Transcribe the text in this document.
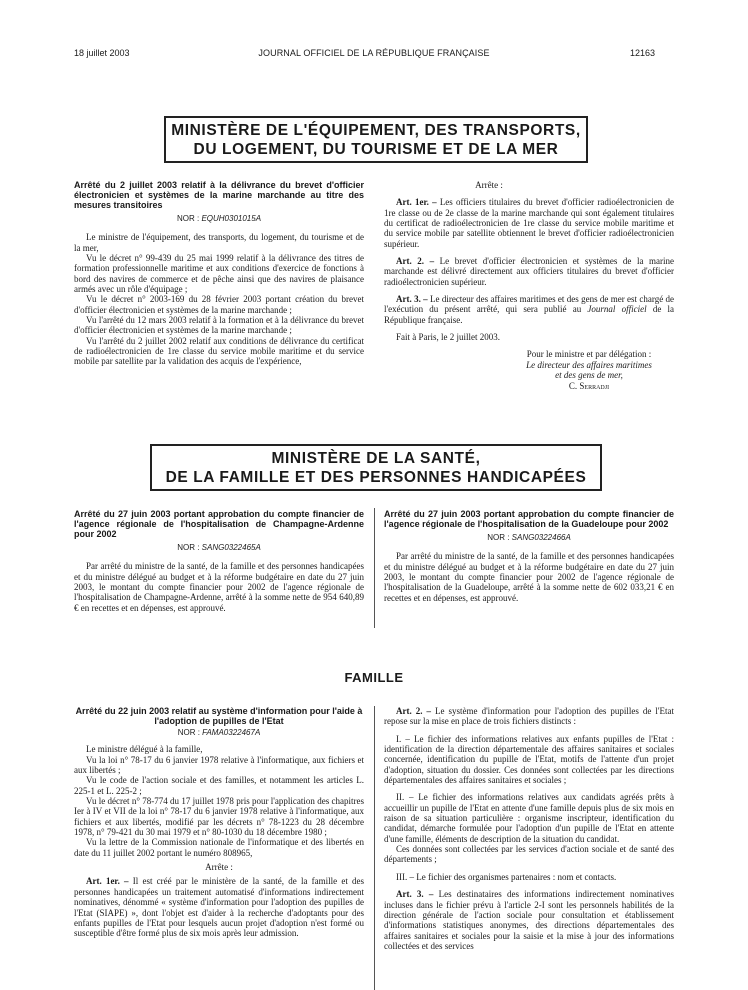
18 juillet 2003	JOURNAL OFFICIEL DE LA RÉPUBLIQUE FRANÇAISE	12163
MINISTÈRE DE L'ÉQUIPEMENT, DES TRANSPORTS,
DU LOGEMENT, DU TOURISME ET DE LA MER
Arrêté du 2 juillet 2003 relatif à la délivrance du brevet d'officier électronicien et systèmes de la marine marchande au titre des mesures transitoires
NOR : EQUH0301015A

Le ministre de l'équipement, des transports, du logement, du tourisme et de la mer,

Vu le décret n° 99-439 du 25 mai 1999 relatif à la délivrance des titres de formation professionnelle maritime et aux conditions d'exercice de fonctions à bord des navires de commerce et de pêche ainsi que des navires de plaisance armés avec un rôle d'équipage ;

Vu le décret n° 2003-169 du 28 février 2003 portant création du brevet d'officier électronicien et systèmes de la marine marchande ;

Vu l'arrêté du 12 mars 2003 relatif à la formation et à la délivrance du brevet d'officier électronicien et systèmes de la marine marchande ;

Vu l'arrêté du 2 juillet 2002 relatif aux conditions de délivrance du certificat de radioélectronicien de 1re classe du service mobile maritime et du service mobile par satellite par la validation des acquis de l'expérience,

Arrête :

Art. 1er. – Les officiers titulaires du brevet d'officier radioélectronicien de 1re classe ou de 2e classe de la marine marchande qui sont également titulaires du certificat de radioélectronicien de 1re classe du service mobile maritime et du service mobile par satellite obtiennent le brevet d'officier radioélectronicien supérieur.

Art. 2. – Le brevet d'officier électronicien et systèmes de la marine marchande est délivré directement aux officiers titulaires du brevet d'officier radioélectronicien supérieur.

Art. 3. – Le directeur des affaires maritimes et des gens de mer est chargé de l'exécution du présent arrêté, qui sera publié au Journal officiel de la République française.

Fait à Paris, le 2 juillet 2003.

Pour le ministre et par délégation :
Le directeur des affaires maritimes
et des gens de mer,
C. Serradji
MINISTÈRE DE LA SANTÉ,
DE LA FAMILLE ET DES PERSONNES HANDICAPÉES
Arrêté du 27 juin 2003 portant approbation du compte financier de l'agence régionale de l'hospitalisation de Champagne-Ardenne pour 2002
NOR : SANG0322465A

Par arrêté du ministre de la santé, de la famille et des personnes handicapées et du ministre délégué au budget et à la réforme budgétaire en date du 27 juin 2003, le montant du compte financier pour 2002 de l'agence régionale de l'hospitalisation de Champagne-Ardenne, arrêté à la somme nette de 954 640,89 € en recettes et en dépenses, est approuvé.

Arrêté du 27 juin 2003 portant approbation du compte financier de l'agence régionale de l'hospitalisation de la Guadeloupe pour 2002
NOR : SANG0322466A

Par arrêté du ministre de la santé, de la famille et des personnes handicapées et du ministre délégué au budget et à la réforme budgétaire en date du 27 juin 2003, le montant du compte financier pour 2002 de l'agence régionale de l'hospitalisation de la Guadeloupe, arrêté à la somme nette de 602 033,21 € en recettes et en dépenses, est approuvé.

FAMILLE
Arrêté du 22 juin 2003 relatif au système d'information pour l'aide à l'adoption de pupilles de l'Etat
NOR : FAMA0322467A

Le ministre délégué à la famille,

Vu la loi n° 78-17 du 6 janvier 1978 relative à l'informatique, aux fichiers et aux libertés ;

Vu le code de l'action sociale et des familles, et notamment les articles L. 225-1 et L. 225-2 ;

Vu le décret n° 78-774 du 17 juillet 1978 pris pour l'application des chapitres Ier à IV et VII de la loi n° 78-17 du 6 janvier 1978 relative à l'informatique, aux fichiers et aux libertés, modifié par les décrets n° 78-1223 du 28 décembre 1978, n° 79-421 du 30 mai 1979 et n° 80-1030 du 18 décembre 1980 ;

Vu la lettre de la Commission nationale de l'informatique et des libertés en date du 11 juillet 2002 portant le numéro 808965,

Arrête :

Art. 1er. – Il est créé par le ministère de la santé, de la famille et des personnes handicapées un traitement automatisé d'informations indirectement nominatives, dénommé « système d'information pour l'adoption des pupilles de l'Etat (SIAPE) », dont l'objet est d'aider à la recherche d'adoptants pour des enfants pupilles de l'Etat pour lesquels aucun projet d'adoption n'est formé ou susceptible d'être formé plus de six mois après leur admission.

Art. 2. – Le système d'information pour l'adoption des pupilles de l'Etat repose sur la mise en place de trois fichiers distincts :

I. – Le fichier des informations relatives aux enfants pupilles de l'Etat : identification de la direction départementale des affaires sanitaires et sociales concernée, identification du pupille de l'Etat, motifs de l'attente d'un projet d'adoption, situation du dossier. Ces données sont collectées par les directions départementales des affaires sanitaires et sociales ;

II. – Le fichier des informations relatives aux candidats agréés prêts à accueillir un pupille de l'Etat en attente d'une famille depuis plus de six mois en raison de sa situation particulière : organisme inscripteur, identification du candidat, démarche formulée pour l'adoption d'un pupille de l'Etat en attente d'une famille, éléments de description de la situation du candidat.

Ces données sont collectées par les services d'action sociale et de santé des départements ;

III. – Le fichier des organismes partenaires : nom et contacts.

Art. 3. – Les destinataires des informations indirectement nominatives incluses dans le fichier prévu à l'article 2-I sont les personnels habilités de la direction générale de l'action sociale pour consultation et établissement d'informations statistiques anonymes, des directions départementales des affaires sanitaires et sociales pour la saisie et la mise à jour des informations collectées et des services
